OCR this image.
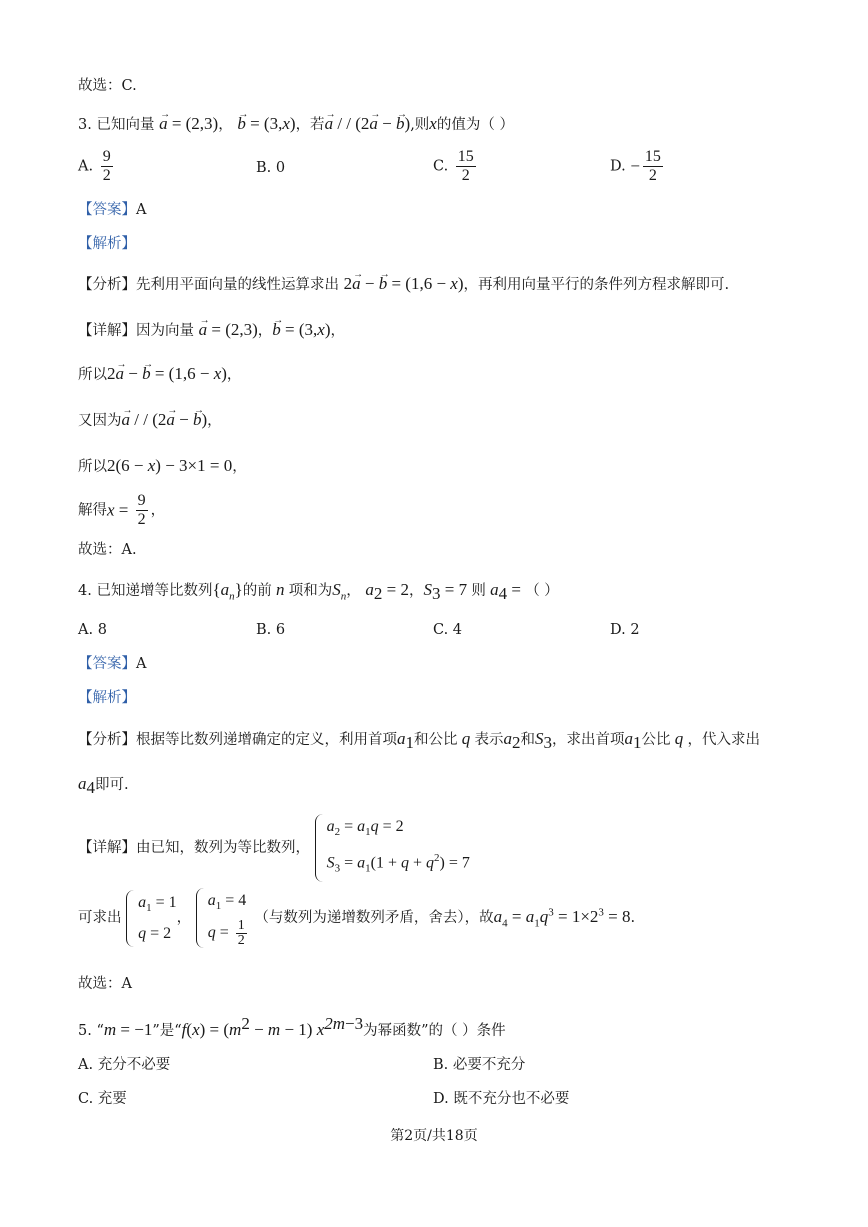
故选：C.
3. 已知向量 → a = (2,3)， → b = (3,x)，若→ a / / (2→ a − → b),则x的值为（ ）
A. $\frac{9}{2}$	B. 0	C. $\frac{15}{2}$	D. − $\frac{15}{2}$
【答案】A
【解析】
【分析】先利用平面向量的线性运算求出 2→ a − → b = (1,6 − x)，再利用向量平行的条件列方程求解即可.
【详解】因为向量 → a = (2,3)，→ b = (3,x)，
所以2→ a − → b = (1,6 − x)，
又因为→ a / / (2→ a − → b)，
所以2(6 − x) − 3×1 = 0，
解得$x = \frac{9}{2}$ ，
故选：A.
4. 已知递增等比数列$\{a_n\}$的前 n 项和为$S_n$， $a_2 = 2$，$S_3 = 7$ 则 $a_4$ = （ ）
A. 8	B. 6	C. 4	D. 2
【答案】A
【解析】
【分析】根据等比数列递增确定的定义，利用首项$a_1$和公比 q 表示$a_2$和$S_3$，求出首项$a_1$公比 q ，代入求出
$a_4$即可.
【详解】由已知，数列为等比数列，
$a_2 = a_1q = 2$
$S_3 = a_1(1 + q + q^2) = 7$
可求出
$a_1 = 1$
q = 2
，
$a_1 = 4$
$q = \frac{1}{2}$
（与数列为递增数列矛盾，舍去），故$a_4 = a_1q^3 = 1\times 2^3 = 8$.
故选：A
5. “m = −1”是“$f(x) = (m^2 - m - 1)$ $x^{2m-3}$为幂函数”的（ ）条件
A. 充分不必要	B. 必要不充分
C. 充要	D. 既不充分也不必要
第2页/共18页
